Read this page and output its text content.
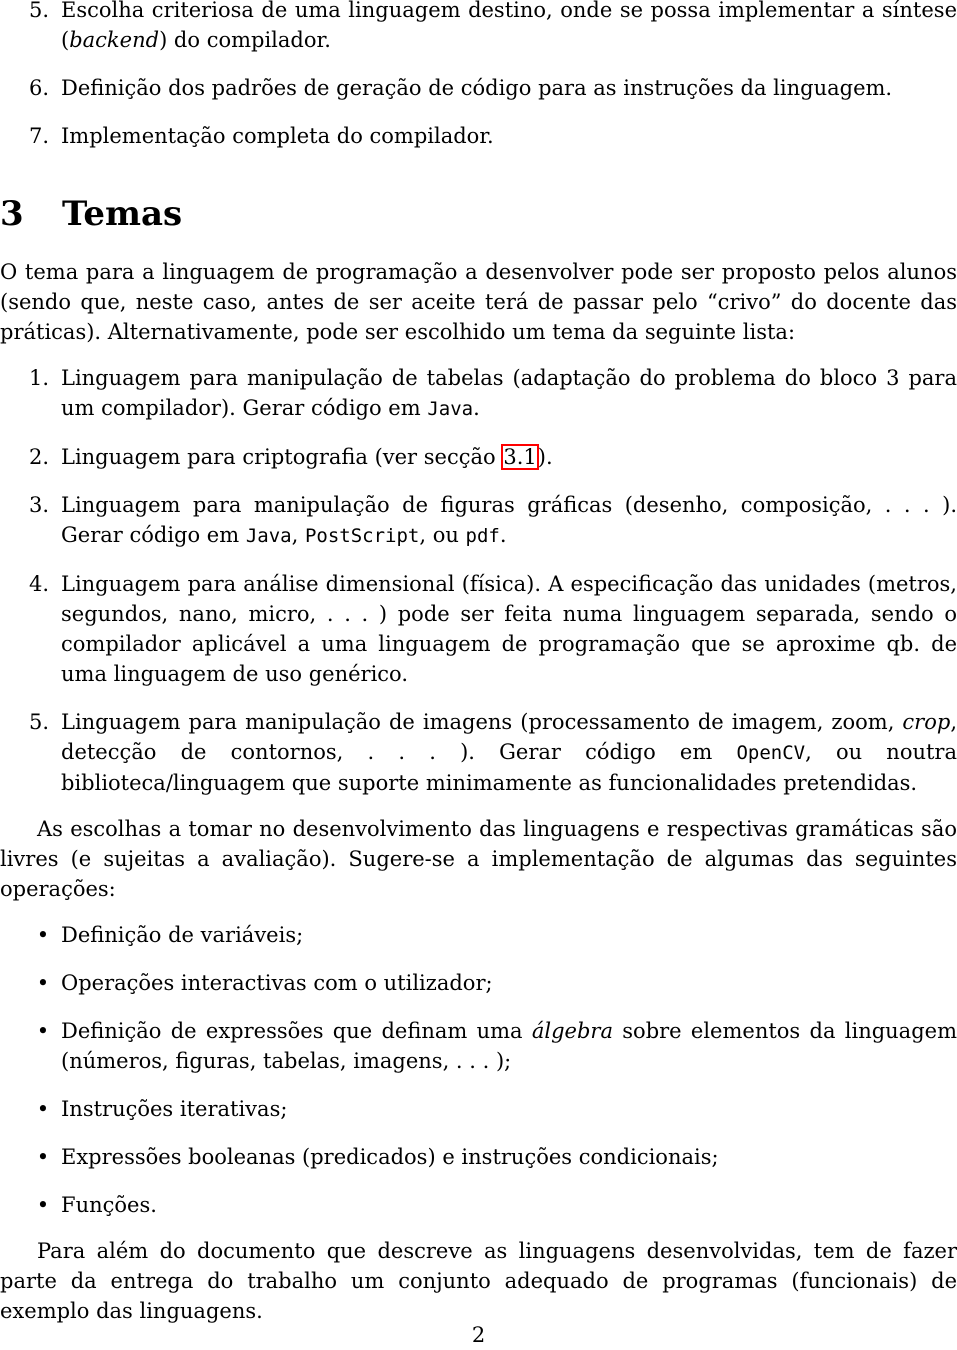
5. Escolha criteriosa de uma linguagem destino, onde se possa implementar a síntese (backend) do compilador.
6. Definição dos padrões de geração de código para as instruções da linguagem.
7. Implementação completa do compilador.
3 Temas

O tema para a linguagem de programação a desenvolver pode ser proposto pelos alunos (sendo que, neste caso, antes de ser aceite terá de passar pelo “crivo” do docente das práticas). Alternativamente, pode ser escolhido um tema da seguinte lista:

1. Linguagem para manipulação de tabelas (adaptação do problema do bloco 3 para um compilador). Gerar código em Java.
2. Linguagem para criptografia (ver secção 3.1).
3. Linguagem para manipulação de figuras gráficas (desenho, composição, . . . ). Gerar código em Java, PostScript, ou pdf.
4. Linguagem para análise dimensional (física). A especificação das unidades (metros, segundos, nano, micro, . . . ) pode ser feita numa linguagem separada, sendo o compilador aplicável a uma linguagem de programação que se aproxime qb. de uma linguagem de uso genérico.
5. Linguagem para manipulação de imagens (processamento de imagem, zoom, crop, detecção de contornos, . . . ). Gerar código em OpenCV, ou noutra biblioteca/linguagem que suporte minimamente as funcionalidades pretendidas.

As escolhas a tomar no desenvolvimento das linguagens e respectivas gramáticas são livres (e sujeitas a avaliação). Sugere-se a implementação de algumas das seguintes operações:

• Definição de variáveis;
• Operações interactivas com o utilizador;
• Definição de expressões que definam uma álgebra sobre elementos da linguagem (números, figuras, tabelas, imagens, . . . );
• Instruções iterativas;
• Expressões booleanas (predicados) e instruções condicionais;
• Funções.

Para além do documento que descreve as linguagens desenvolvidas, tem de fazer parte da entrega do trabalho um conjunto adequado de programas (funcionais) de exemplo das linguagens.

2
